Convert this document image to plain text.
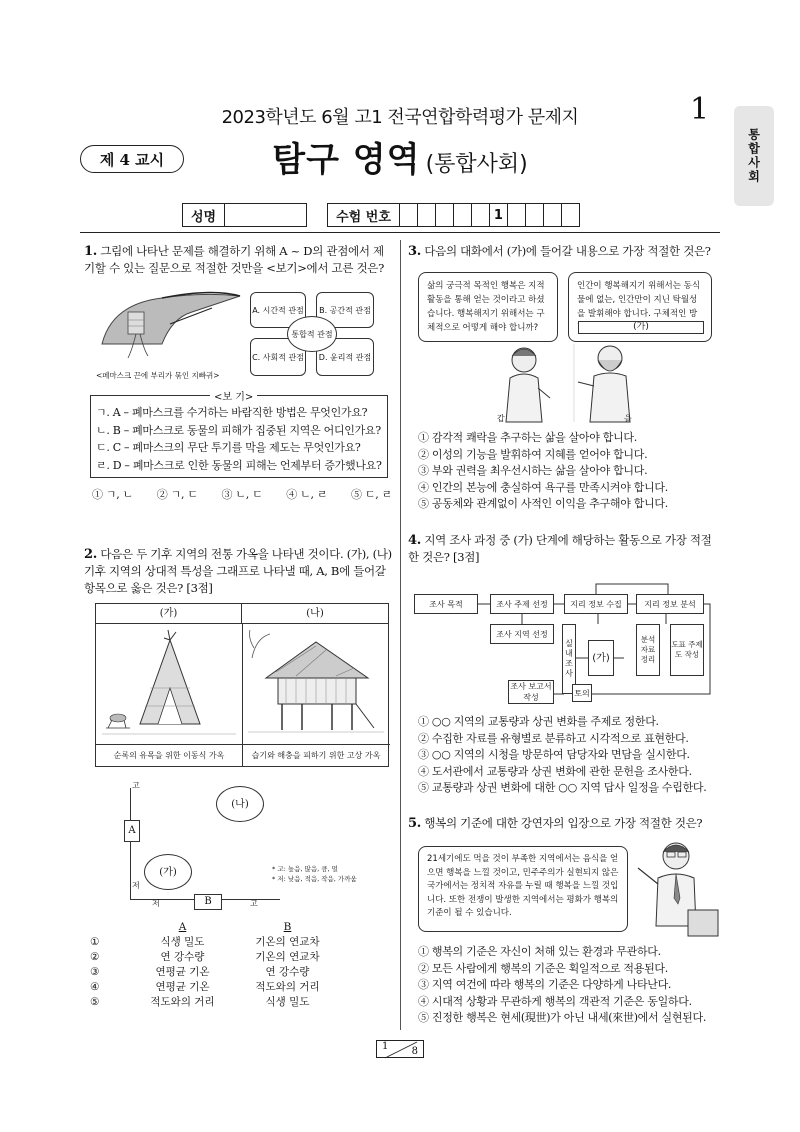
2023학년도 6월 고1 전국연합학력평가 문제지	1
통합사회
제 4 교시	탐구 영역 (통합사회)
성명	수험 번호	1
1. 그림에 나타난 문제를 해결하기 위해 A ~ D의 관점에서 제기할 수 있는 질문으로 적절한 것만을 <보기>에서 고른 것은?
<페마스크 끈에 부리가 묶인 지빠귀>
A. 시간적 관점	B. 공간적 관점
C. 사회적 관점	D. 윤리적 관점
통합적 관점
<보 기>
ㄱ. A – 폐마스크를 수거하는 바람직한 방법은 무엇인가요?
ㄴ. B – 폐마스크로 동물의 피해가 집중된 지역은 어디인가요?
ㄷ. C – 폐마스크의 무단 투기를 막을 제도는 무엇인가요?
ㄹ. D – 폐마스크로 인한 동물의 피해는 언제부터 증가했나요?
① ㄱ, ㄴ ② ㄱ, ㄷ ③ ㄴ, ㄷ ④ ㄴ, ㄹ ⑤ ㄷ, ㄹ
2. 다음은 두 기후 지역의 전통 가옥을 나타낸 것이다. (가), (나) 기후 지역의 상대적 특성을 그래프로 나타낼 때, A, B에 들어갈 항목으로 옳은 것은? [3점]
(가)	(나)
순록의 유목을 위한 이동식 가옥	습기와 해충을 피하기 위한 고상 가옥
고
저
저	고
A
B
(나)
(가)	* 고: 높음, 많음, 큼, 멀
* 저: 낮음, 적음, 작음, 가까움
	A	B
①	식생 밀도	기온의 연교차
②	연 강수량	기온의 연교차
③	연평균 기온	연 강수량
④	연평균 기온	적도와의 거리
⑤	적도와의 거리	식생 밀도
3. 다음의 대화에서 (가)에 들어갈 내용으로 가장 적절한 것은?
삶의 궁극적 목적인 행복은 지적 활동을 통해 얻는 것이라고 하셨습니다. 행복해지기 위해서는 구체적으로 어떻게 해야 합니까?
인간이 행복해지기 위해서는 동식물에 없는, 인간만이 지닌 탁월성을 발휘해야 합니다. 구체적인 방
(가)
갑	을
① 감각적 쾌락을 추구하는 삶을 살아야 합니다.
② 이성의 기능을 발휘하여 지혜를 얻어야 합니다.
③ 부와 권력을 최우선시하는 삶을 살아야 합니다.
④ 인간의 본능에 충실하여 욕구를 만족시켜야 합니다.
⑤ 공동체와 관계없이 사적인 이익을 추구해야 합니다.
4. 지역 조사 과정 중 (가) 단계에 해당하는 활동으로 가장 적절한 것은? [3점]
조사 목적	조사 주제 선정	지리 정보 수집	지리 정보 분석
조사 지역 선정
실내 조사
(가)
분석 자료 정리
도표 주제도 작성
조사 보고서 작성	토의
① ○○ 지역의 교통량과 상권 변화를 주제로 정한다.
② 수집한 자료를 유형별로 분류하고 시각적으로 표현한다.
③ ○○ 지역의 시청을 방문하여 담당자와 면담을 실시한다.
④ 도서관에서 교통량과 상권 변화에 관한 문헌을 조사한다.
⑤ 교통량과 상권 변화에 대한 ○○ 지역 답사 일정을 수립한다.
5. 행복의 기준에 대한 강연자의 입장으로 가장 적절한 것은?
21세기에도 먹을 것이 부족한 지역에서는 음식을 얻으면 행복을 느낄 것이고, 민주주의가 실현되지 않은 국가에서는 정치적 자유를 누릴 때 행복을 느낄 것입니다. 또한 전쟁이 발생한 지역에서는 평화가 행복의 기준이 될 수 있습니다.
① 행복의 기준은 자신이 처해 있는 환경과 무관하다.
② 모든 사람에게 행복의 기준은 획일적으로 적용된다.
③ 지역 여건에 따라 행복의 기준은 다양하게 나타난다.
④ 시대적 상황과 무관하게 행복의 객관적 기준은 동일하다.
⑤ 진정한 행복은 현세(現世)가 아닌 내세(來世)에서 실현된다.
1 8
